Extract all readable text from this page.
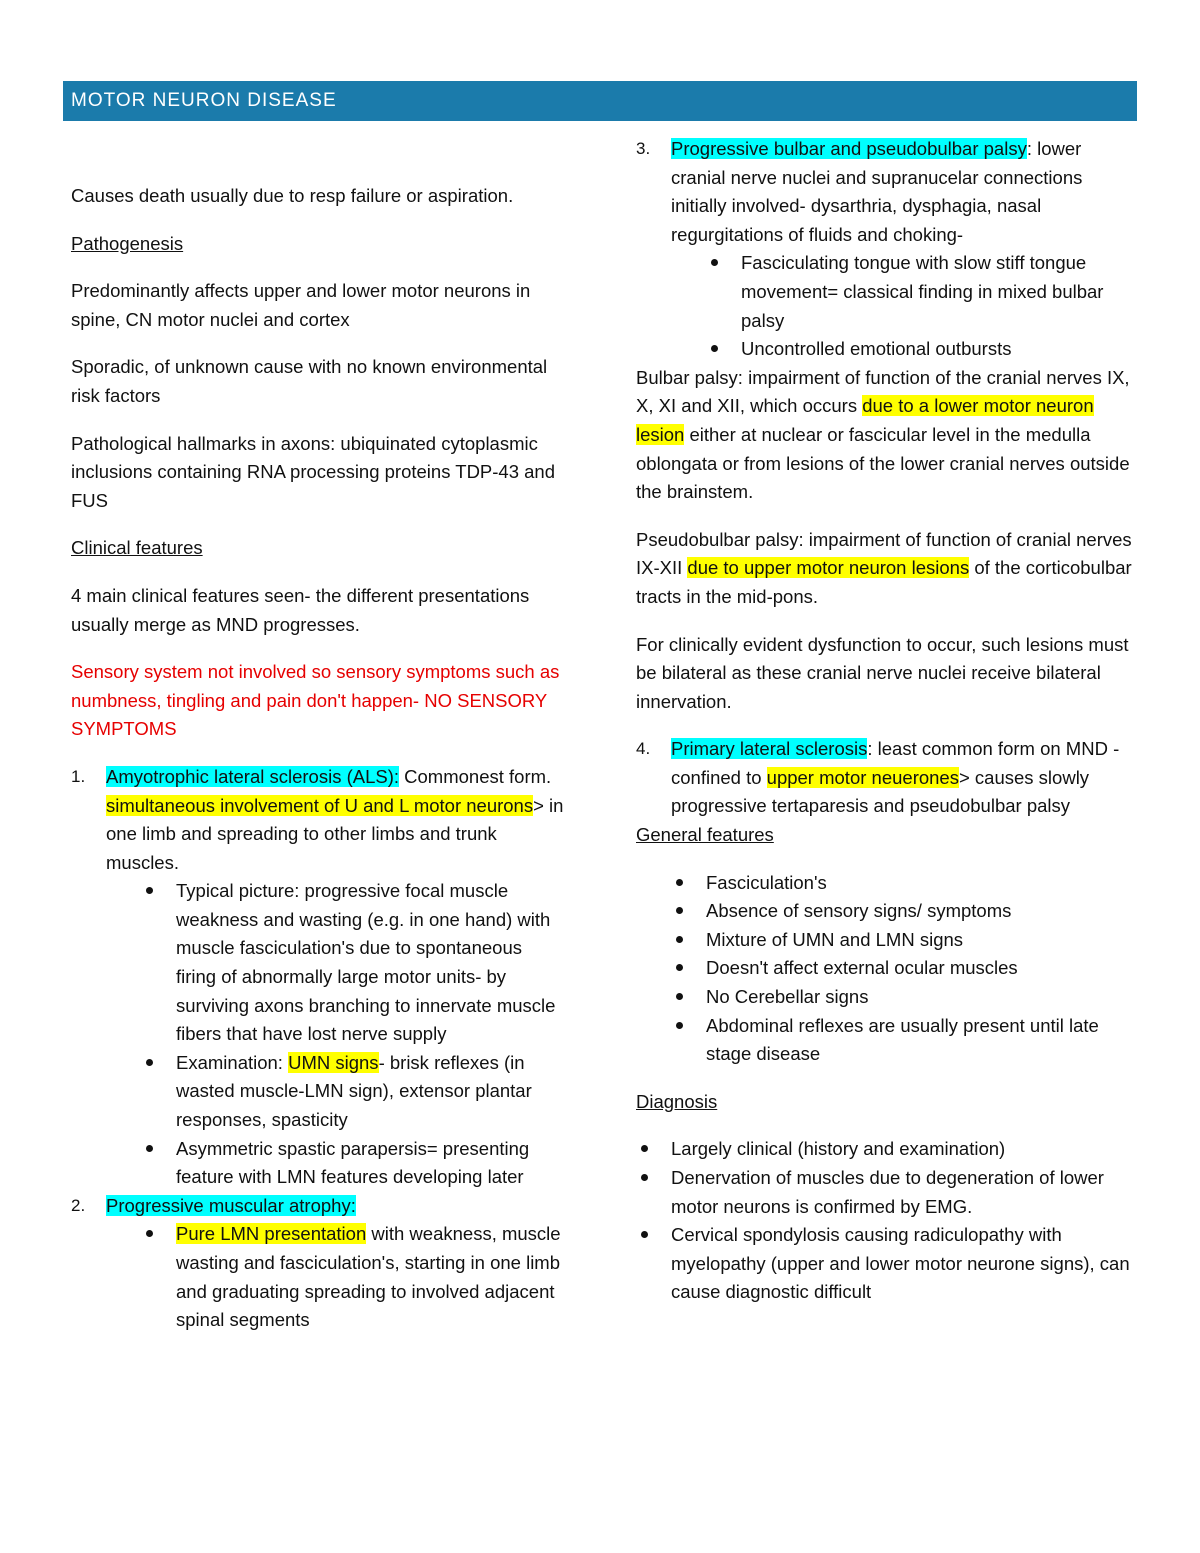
MOTOR NEURON DISEASE

Causes death usually due to resp failure or aspiration.

Pathogenesis

Predominantly affects upper and lower motor neurons in spine, CN motor nuclei and cortex

Sporadic, of unknown cause with no known environmental risk factors

Pathological hallmarks in axons: ubiquinated cytoplasmic inclusions containing RNA processing proteins TDP-43 and FUS

Clinical features

4 main clinical features seen- the different presentations usually merge as MND progresses.

Sensory system not involved so sensory symptoms such as numbness, tingling and pain don't happen- NO SENSORY SYMPTOMS

1. Amyotrophic lateral sclerosis (ALS): Commonest form. simultaneous involvement of U and L motor neurons> in one limb and spreading to other limbs and trunk muscles.
Typical picture: progressive focal muscle weakness and wasting (e.g. in one hand) with muscle fasciculation's due to spontaneous firing of abnormally large motor units- by surviving axons branching to innervate muscle fibers that have lost nerve supply
Examination: UMN signs- brisk reflexes (in wasted muscle-LMN sign), extensor plantar responses, spasticity
Asymmetric spastic parapersis= presenting feature with LMN features developing later
2. Progressive muscular atrophy:
Pure LMN presentation with weakness, muscle wasting and fasciculation's, starting in one limb and graduating spreading to involved adjacent spinal segments
3. Progressive bulbar and pseudobulbar palsy: lower cranial nerve nuclei and supranucelar connections initially involved- dysarthria, dysphagia, nasal regurgitations of fluids and choking-
Fasciculating tongue with slow stiff tongue movement= classical finding in mixed bulbar palsy
Uncontrolled emotional outbursts

Bulbar palsy: impairment of function of the cranial nerves IX, X, XI and XII, which occurs due to a lower motor neuron lesion either at nuclear or fascicular level in the medulla oblongata or from lesions of the lower cranial nerves outside the brainstem.

Pseudobulbar palsy: impairment of function of cranial nerves IX-XII due to upper motor neuron lesions of the corticobulbar tracts in the mid-pons.

For clinically evident dysfunction to occur, such lesions must be bilateral as these cranial nerve nuclei receive bilateral innervation.

4. Primary lateral sclerosis: least common form on MND - confined to upper motor neuerones> causes slowly progressive tertaparesis and pseudobulbar palsy

General features

Fasciculation's
Absence of sensory signs/ symptoms
Mixture of UMN and LMN signs
Doesn't affect external ocular muscles
No Cerebellar signs
Abdominal reflexes are usually present until late stage disease

Diagnosis

Largely clinical (history and examination)
Denervation of muscles due to degeneration of lower motor neurons is confirmed by EMG.
Cervical spondylosis causing radiculopathy with myelopathy (upper and lower motor neurone signs), can cause diagnostic difficult
